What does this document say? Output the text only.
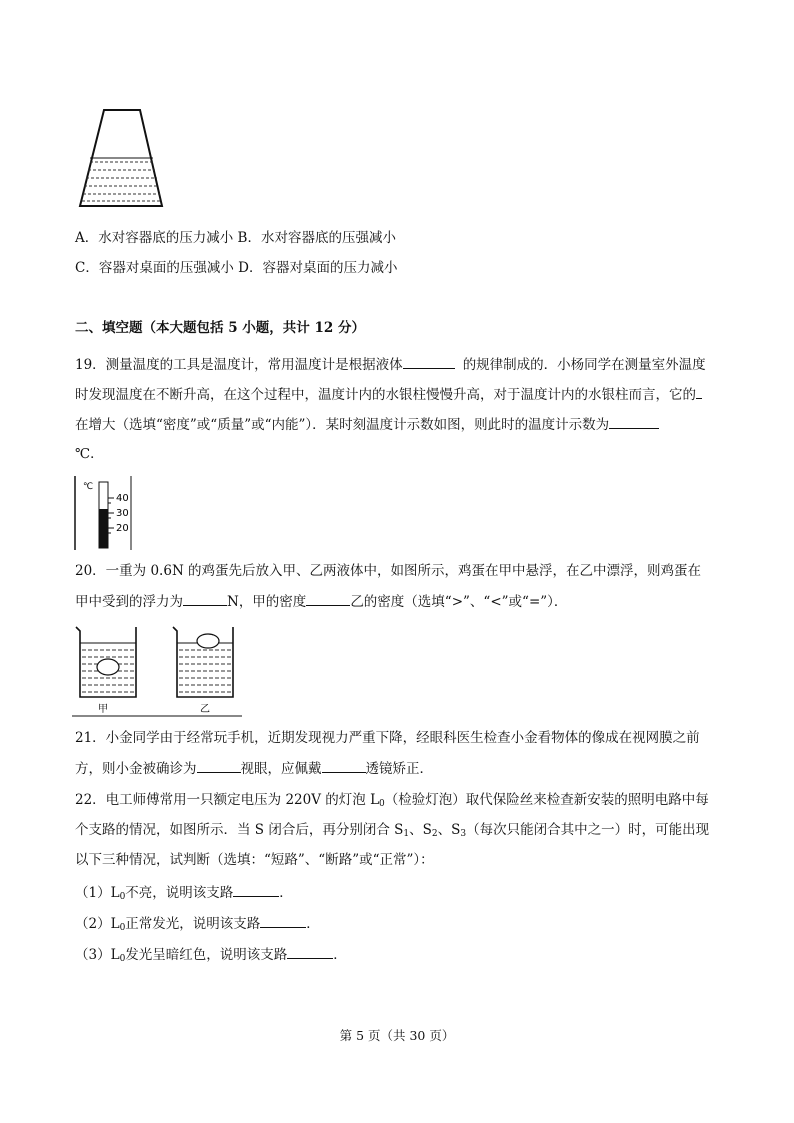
A．水对容器底的压力减小 B．水对容器底的压强减小
C．容器对桌面的压强减小 D．容器对桌面的压力减小
二、填空题（本大题包括 5 小题，共计 12 分）
19．测量温度的工具是温度计，常用温度计是根据液体	的规律制成的．小杨同学在测量室外温度
时发现温度在不断升高，在这个过程中，温度计内的水银柱慢慢升高，对于温度计内的水银柱而言，它的
在增大（选填“密度”或“质量”或“内能”）．某时刻温度计示数如图，则此时的温度计示数为
℃．
℃
40
30
20
20．一重为 0.6N 的鸡蛋先后放入甲、乙两液体中，如图所示，鸡蛋在甲中悬浮，在乙中漂浮，则鸡蛋在
甲中受到的浮力为	N，甲的密度	乙的密度（选填“>”、“<”或“=”）．
甲	乙
21．小金同学由于经常玩手机，近期发现视力严重下降，经眼科医生检查小金看物体的像成在视网膜之前
方，则小金被确诊为	视眼，应佩戴	透镜矫正．
22．电工师傅常用一只额定电压为 220V 的灯泡 $L_0$（检验灯泡）取代保险丝来检查新安装的照明电路中每
个支路的情况，如图所示．当 S 闭合后，再分别闭合 $S_1$、$S_2$、$S_3$（每次只能闭合其中之一）时，可能出现
以下三种情况，试判断（选填：“短路”、“断路”或“正常”）：
$(1)L_0$不亮，说明该支路	．
$(2)L_0$正常发光，说明该支路	．
$(3)L_0$发光呈暗红色，说明该支路	．
第 5 页（共 30 页）
